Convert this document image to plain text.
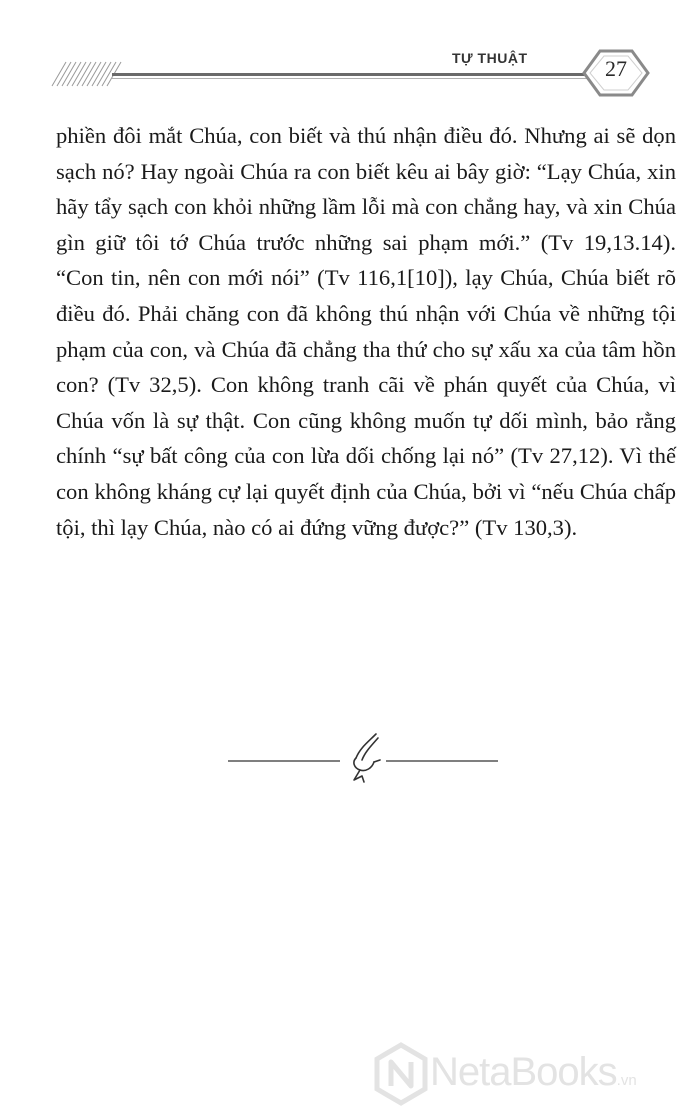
TỰ THUẬT	27

phiền đôi mắt Chúa, con biết và thú nhận điều đó. Nhưng ai sẽ dọn sạch nó? Hay ngoài Chúa ra con biết kêu ai bây giờ: “Lạy Chúa, xin hãy tẩy sạch con khỏi những lầm lỗi mà con chẳng hay, và xin Chúa gìn giữ tôi tớ Chúa trước những sai phạm mới.” (Tv 19,13.14). “Con tin, nên con mới nói” (Tv 116,1[10]), lạy Chúa, Chúa biết rõ điều đó. Phải chăng con đã không thú nhận với Chúa về những tội phạm của con, và Chúa đã chẳng tha thứ cho sự xấu xa của tâm hồn con? (Tv 32,5). Con không tranh cãi về phán quyết của Chúa, vì Chúa vốn là sự thật. Con cũng không muốn tự dối mình, bảo rằng chính “sự bất công của con lừa dối chống lại nó” (Tv 27,12). Vì thế con không kháng cự lại quyết định của Chúa, bởi vì “nếu Chúa chấp tội, thì lạy Chúa, nào có ai đứng vững được?” (Tv 130,3).

NetaBooks.vn
